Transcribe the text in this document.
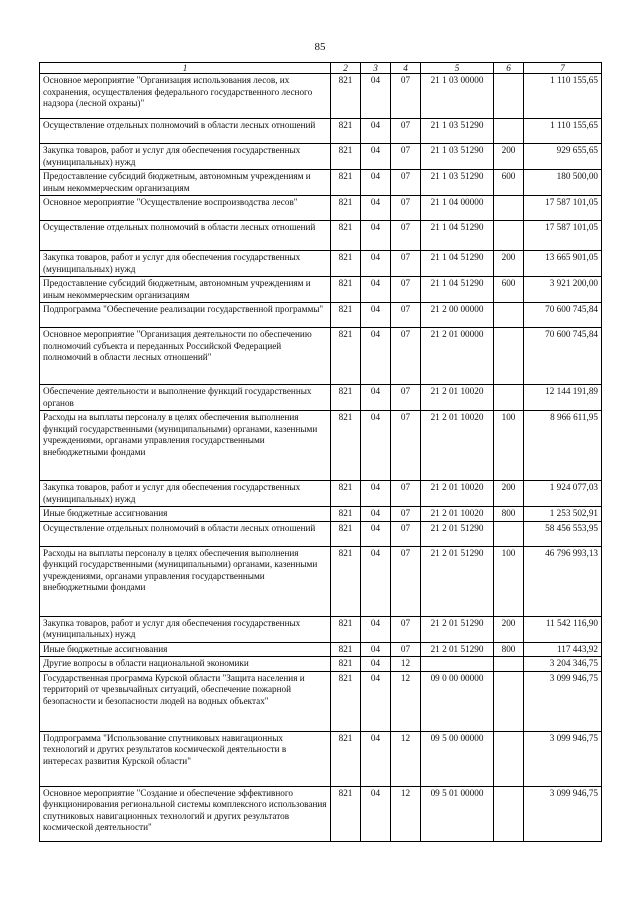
85
1	2	3	4	5	6	7
Основное мероприятие "Организация использования лесов, их сохранения, осуществления федерального государственного лесного надзора (лесной охраны)"	821	04	07	21 1 03 00000		1 110 155,65
Осуществление отдельных полномочий в области лесных отношений	821	04	07	21 1 03 51290		1 110 155,65
Закупка товаров, работ и услуг для обеспечения государственных (муниципальных) нужд	821	04	07	21 1 03 51290	200	929 655,65
Предоставление субсидий бюджетным, автономным учреждениям и иным некоммерческим организациям	821	04	07	21 1 03 51290	600	180 500,00
Основное мероприятие "Осуществление воспроизводства лесов"	821	04	07	21 1 04 00000		17 587 101,05
Осуществление отдельных полномочий в области лесных отношений	821	04	07	21 1 04 51290		17 587 101,05
Закупка товаров, работ и услуг для обеспечения государственных (муниципальных) нужд	821	04	07	21 1 04 51290	200	13 665 901,05
Предоставление субсидий бюджетным, автономным учреждениям и иным некоммерческим организациям	821	04	07	21 1 04 51290	600	3 921 200,00
Подпрограмма "Обеспечение реализации государственной программы"	821	04	07	21 2 00 00000		70 600 745,84
Основное мероприятие "Организация деятельности по обеспечению полномочий субъекта и переданных Российской Федерацией полномочий в области лесных отношений"	821	04	07	21 2 01 00000		70 600 745,84
Обеспечение деятельности и выполнение функций государственных органов	821	04	07	21 2 01 10020		12 144 191,89
Расходы на выплаты персоналу в целях обеспечения выполнения функций государственными (муниципальными) органами, казенными учреждениями, органами управления государственными внебюджетными фондами	821	04	07	21 2 01 10020	100	8 966 611,95
Закупка товаров, работ и услуг для обеспечения государственных (муниципальных) нужд	821	04	07	21 2 01 10020	200	1 924 077,03
Иные бюджетные ассигнования	821	04	07	21 2 01 10020	800	1 253 502,91
Осуществление отдельных полномочий в области лесных отношений	821	04	07	21 2 01 51290		58 456 553,95
Расходы на выплаты персоналу в целях обеспечения выполнения функций государственными (муниципальными) органами, казенными учреждениями, органами управления государственными внебюджетными фондами	821	04	07	21 2 01 51290	100	46 796 993,13
Закупка товаров, работ и услуг для обеспечения государственных (муниципальных) нужд	821	04	07	21 2 01 51290	200	11 542 116,90
Иные бюджетные ассигнования	821	04	07	21 2 01 51290	800	117 443,92
Другие вопросы в области национальной экономики	821	04	12			3 204 346,75
Государственная программа Курской области "Защита населения и территорий от чрезвычайных ситуаций, обеспечение пожарной безопасности и безопасности людей на водных объектах"	821	04	12	09 0 00 00000		3 099 946,75
Подпрограмма "Использование спутниковых навигационных технологий и других результатов космической деятельности в интересах развития Курской области"	821	04	12	09 5 00 00000		3 099 946,75
Основное мероприятие "Создание и обеспечение эффективного функционирования региональной системы комплексного использования спутниковых навигационных технологий и других результатов космической деятельности"	821	04	12	09 5 01 00000		3 099 946,75
